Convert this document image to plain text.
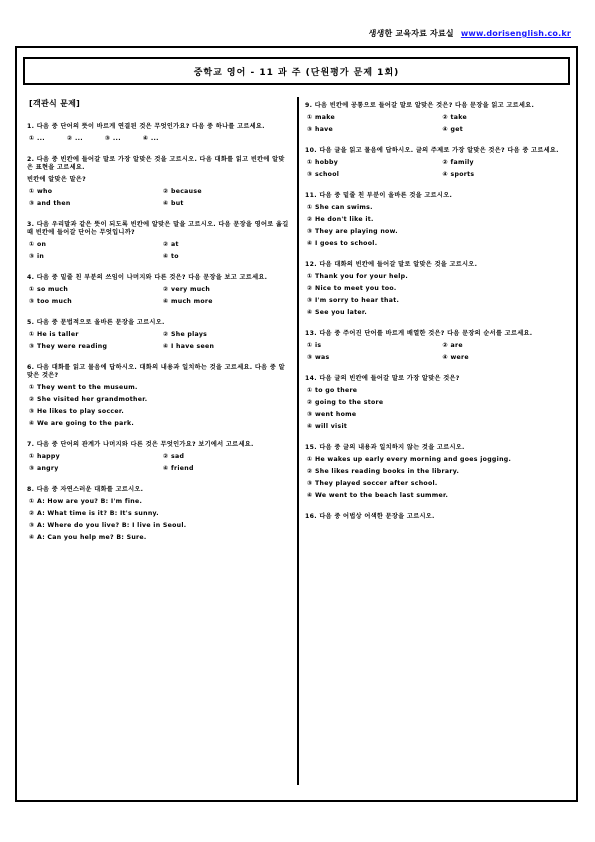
생생한 교육자료 자료실 www.dorisenglish.co.kr
중학교 영어 - 11 과 주 (단원평가 문제 1회)
[객관식 문제]
1. 다음 중 단어의 뜻이 바르게 연결된 것은 무엇인가요? 다음 중 하나를 고르세요.
① ...	② ...	③ ...	④ ...
2. 다음 중 빈칸에 들어갈 말로 가장 알맞은 것을 고르시오. 다음 대화를 읽고 빈칸에 알맞은 표현을 고르세요.
빈칸에 알맞은 말은?
① who	② because
③ and then	④ but
3. 다음 우리말과 같은 뜻이 되도록 빈칸에 알맞은 말을 고르시오. 다음 문장을 영어로 옮길 때 빈칸에 들어갈 단어는 무엇입니까?
① on	② at
③ in	④ to
4. 다음 중 밑줄 친 부분의 쓰임이 나머지와 다른 것은? 다음 문장을 보고 고르세요.
① so much	② very much
③ too much	④ much more
5. 다음 중 문법적으로 올바른 문장을 고르시오.
① He is taller	② She plays
③ They were reading	④ I have seen
6. 다음 대화를 읽고 물음에 답하시오. 대화의 내용과 일치하는 것을 고르세요. 다음 중 알맞은 것은?
① They went to the museum.
② She visited her grandmother.
③ He likes to play soccer.
④ We are going to the park.
7. 다음 중 단어의 관계가 나머지와 다른 것은 무엇인가요? 보기에서 고르세요.
① happy	② sad
③ angry	④ friend
8. 다음 중 자연스러운 대화를 고르시오.
① A: How are you? B: I'm fine.
② A: What time is it? B: It's sunny.
③ A: Where do you live? B: I live in Seoul.
④ A: Can you help me? B: Sure.
9. 다음 빈칸에 공통으로 들어갈 말로 알맞은 것은? 다음 문장을 읽고 고르세요.
① make	② take
③ have	④ get
10. 다음 글을 읽고 물음에 답하시오. 글의 주제로 가장 알맞은 것은? 다음 중 고르세요.
① hobby	② family
③ school	④ sports
11. 다음 중 밑줄 친 부분이 올바른 것을 고르시오.
① She can swims.
② He don't like it.
③ They are playing now.
④ I goes to school.
12. 다음 대화의 빈칸에 들어갈 말로 알맞은 것을 고르시오.
① Thank you for your help.
② Nice to meet you too.
③ I'm sorry to hear that.
④ See you later.
13. 다음 중 주어진 단어를 바르게 배열한 것은? 다음 문장의 순서를 고르세요.
① is	② are
③ was	④ were
14. 다음 글의 빈칸에 들어갈 말로 가장 알맞은 것은?
① to go there
② going to the store
③ went home
④ will visit
15. 다음 중 글의 내용과 일치하지 않는 것을 고르시오.
① He wakes up early every morning and goes jogging.
② She likes reading books in the library.
③ They played soccer after school.
④ We went to the beach last summer.
16. 다음 중 어법상 어색한 문장을 고르시오.
